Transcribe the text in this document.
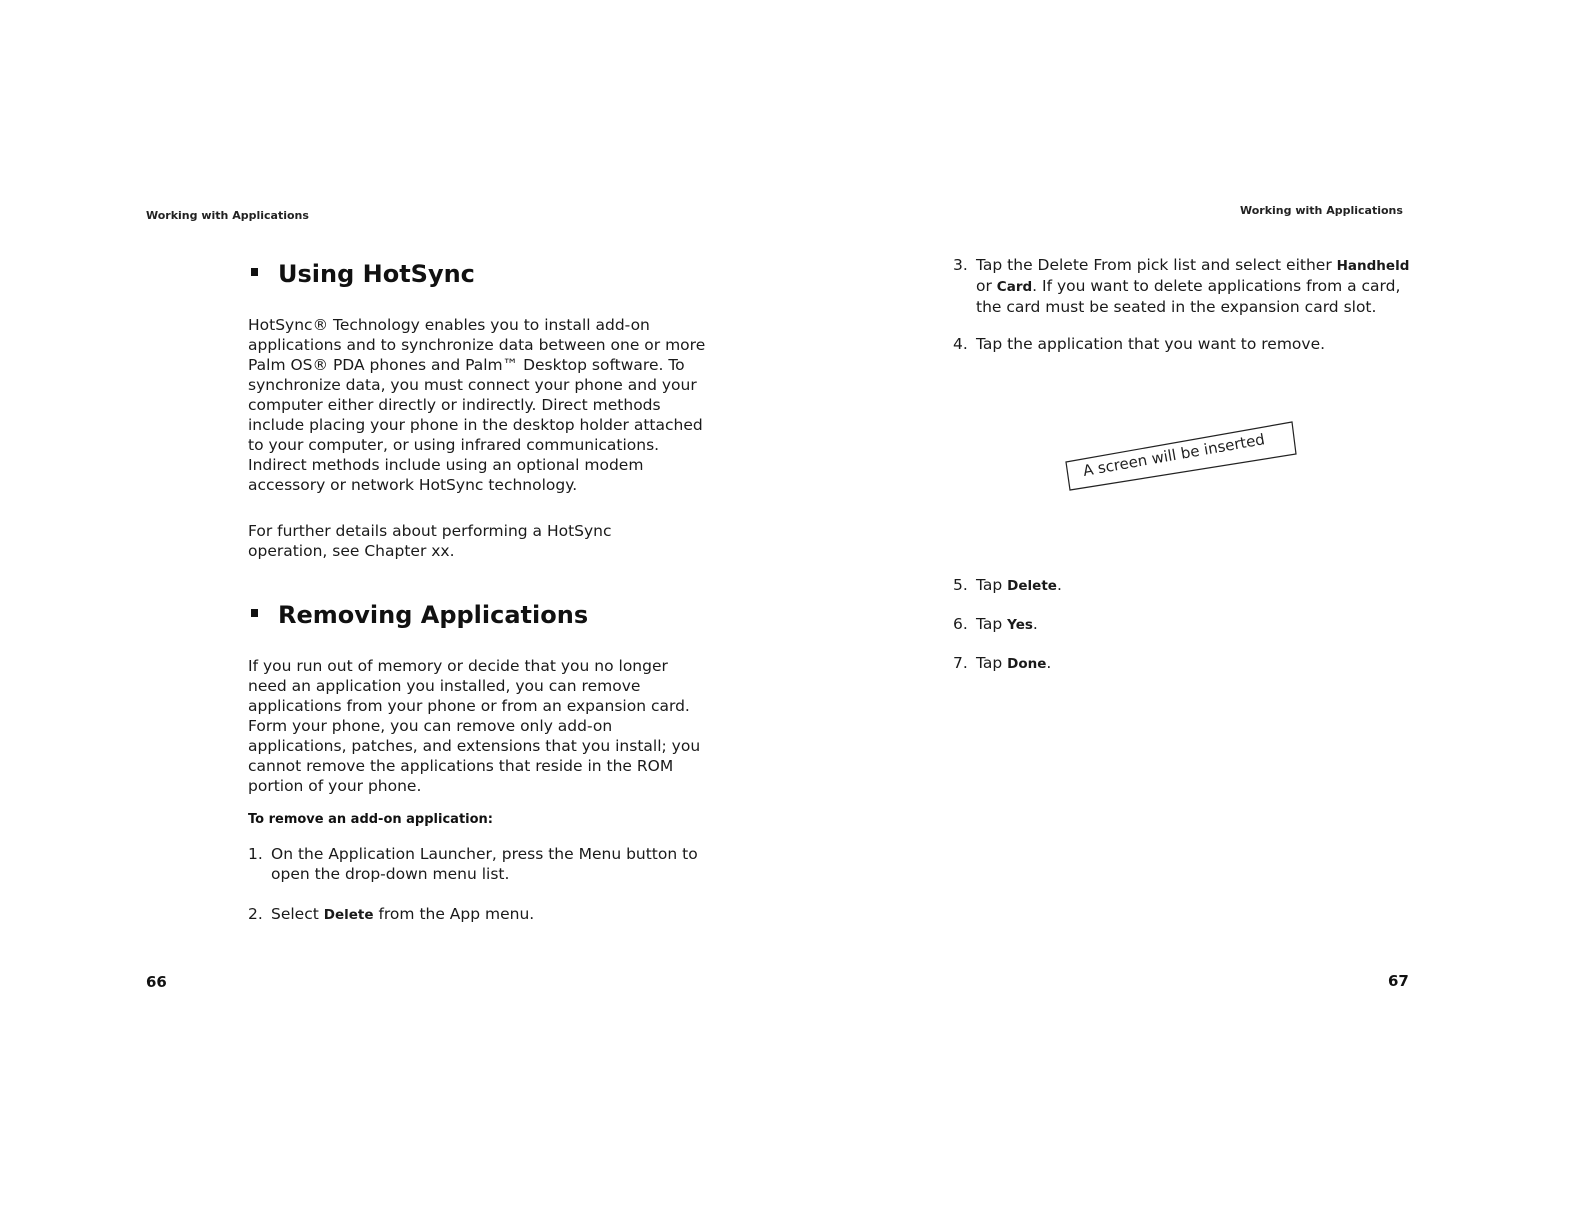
Working with Applications
Using HotSync

HotSync® Technology enables you to install add-on applications and to synchronize data between one or more Palm OS® PDA phones and Palm™ Desktop software. To synchronize data, you must connect your phone and your computer either directly or indirectly. Direct methods include placing your phone in the desktop holder attached to your computer, or using infrared communications. Indirect methods include using an optional modem accessory or network HotSync technology.

For further details about performing a HotSync operation, see Chapter xx.

Removing Applications

If you run out of memory or decide that you no longer need an application you installed, you can remove applications from your phone or from an expansion card. Form your phone, you can remove only add-on applications, patches, and extensions that you install; you cannot remove the applications that reside in the ROM portion of your phone.

To remove an add-on application:
1. On the Application Launcher, press the Menu button to open the drop-down menu list.
2. Select Delete from the App menu.
66
Working with Applications
3. Tap the Delete From pick list and select either Handheld or Card. If you want to delete applications from a card, the card must be seated in the expansion card slot.
4. Tap the application that you want to remove.
A screen will be inserted
5. Tap Delete.
6. Tap Yes.
7. Tap Done.
67
